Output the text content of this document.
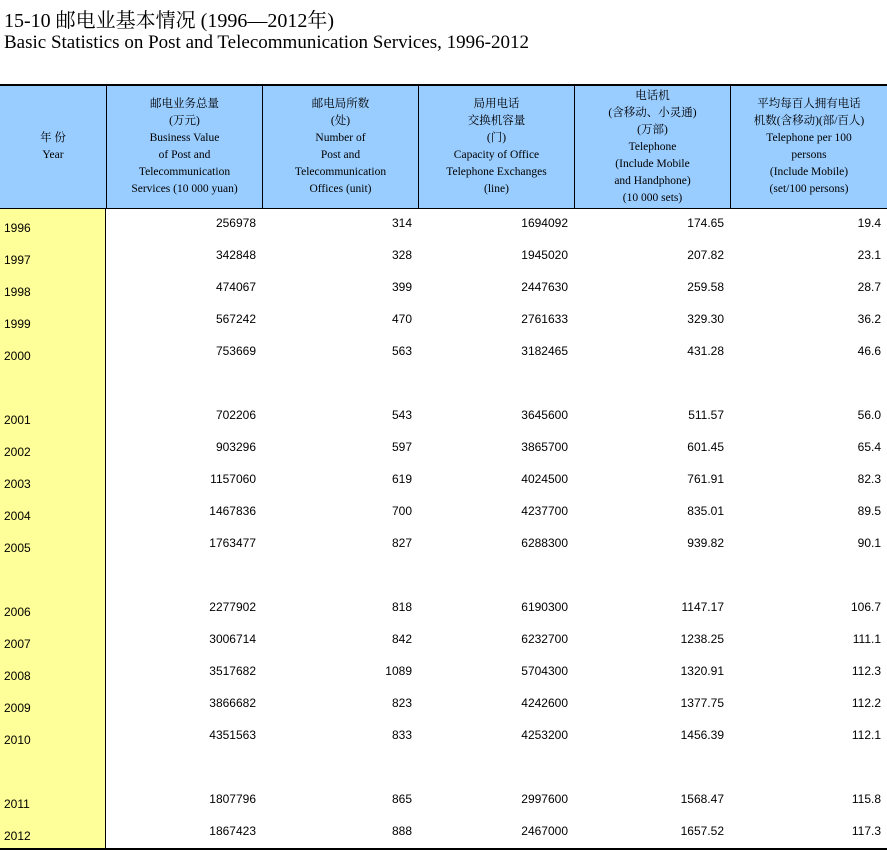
15-10 邮电业基本情况 (1996—2012年)
Basic Statistics on Post and Telecommunication Services, 1996-2012
年 份
Year
邮电业务总量
(万元)
Business Value
of Post and
Telecommunication
Services (10 000 yuan)
邮电局所数
(处)
Number of
Post and
Telecommunication
Offices (unit)
局用电话
交换机容量
(门)
Capacity of Office
Telephone Exchanges
(line)
电话机
(含移动、小灵通)
(万部)
Telephone
(Include Mobile
and Handphone)
(10 000 sets)
平均每百人拥有电话
机数(含移动)(部/百人)
Telephone per 100
persons
(Include Mobile)
(set/100 persons)
1996	256978	314	1694092	174.65	19.4
1997	342848	328	1945020	207.82	23.1
1998	474067	399	2447630	259.58	28.7
1999	567242	470	2761633	329.30	36.2
2000	753669	563	3182465	431.28	46.6
2001	702206	543	3645600	511.57	56.0
2002	903296	597	3865700	601.45	65.4
2003	1157060	619	4024500	761.91	82.3
2004	1467836	700	4237700	835.01	89.5
2005	1763477	827	6288300	939.82	90.1
2006	2277902	818	6190300	1147.17	106.7
2007	3006714	842	6232700	1238.25	111.1
2008	3517682	1089	5704300	1320.91	112.3
2009	3866682	823	4242600	1377.75	112.2
2010	4351563	833	4253200	1456.39	112.1
2011	1807796	865	2997600	1568.47	115.8
2012	1867423	888	2467000	1657.52	117.3
